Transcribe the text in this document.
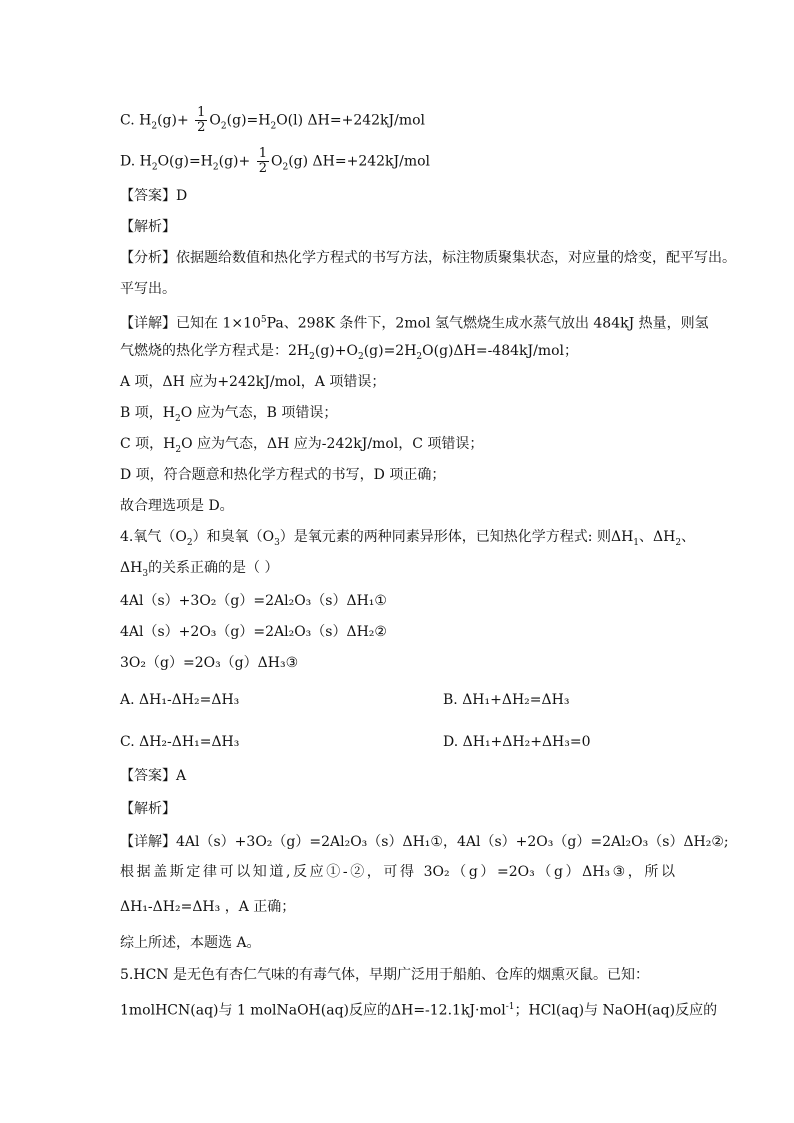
C. $H_2(g)+ \frac{1}{2} O_2(g)=H_2O(l)$ ΔH=+242kJ/mol
D. $H_2O(g)=H_2(g)+ \frac{1}{2} O_2(g)$ ΔH=+242kJ/mol
【答案】D
【解析】
【分析】依据题给数值和热化学方程式的书写方法，标注物质聚集状态，对应量的焓变，配平写出。
平写出。
【详解】已知在 $1\times 10^5Pa$、298K 条件下，2mol 氢气燃烧生成水蒸气放出 484kJ 热量，则氢
气燃烧的热化学方程式是：$2H_2(g)+O_2(g)=2H_2O(g)\Delta H=-484kJ$/mol；
A 项，ΔH 应为+242kJ/mol，A 项错误；
B 项，$H_2O$ 应为气态，B 项错误；
C 项，$H_2O$ 应为气态，ΔH 应为-242kJ/mol，C 项错误；
D 项，符合题意和热化学方程式的书写，D 项正确；
故合理选项是 D。
4.氧气$(O_2)$和臭氧$(O_3)$是氧元素的两种同素异形体，已知热化学方程式: 则$\Delta H_1$、$\Delta H_2$、
$\Delta H_3$的关系正确的是（ ）
4Al（s）+3O₂（g）=2Al₂O₃（s）ΔH₁①
4Al（s）+2O₃（g）=2Al₂O₃（s）ΔH₂②
3O₂（g）=2O₃（g）ΔH₃③
A. ΔH₁-ΔH₂=ΔH₃	B. ΔH₁+ΔH₂=ΔH₃
C. ΔH₂-ΔH₁=ΔH₃	D. ΔH₁+ΔH₂+ΔH₃=0
【答案】A
【解析】
【详解】4Al（s）+3O₂（g）=2Al₂O₃（s）ΔH₁①，4Al（s）+2O₃（g）=2Al₂O₃（s）ΔH₂②;
根据盖斯定律可以知道,反应①-②，可得 3O₂（g）=2O₃（g）ΔH₃③，所以
ΔH₁-ΔH₂=ΔH₃ ，A 正确；
综上所述，本题选 A。
5.HCN 是无色有杏仁气味的有毒气体，早期广泛用于船舶、仓库的烟熏灭鼠。已知：
1molHCN(aq)与 1 molNaOH(aq)反应的ΔH=-12.1kJ·mol$^{-1}$；HCl(aq)与 NaOH(aq)反应的
